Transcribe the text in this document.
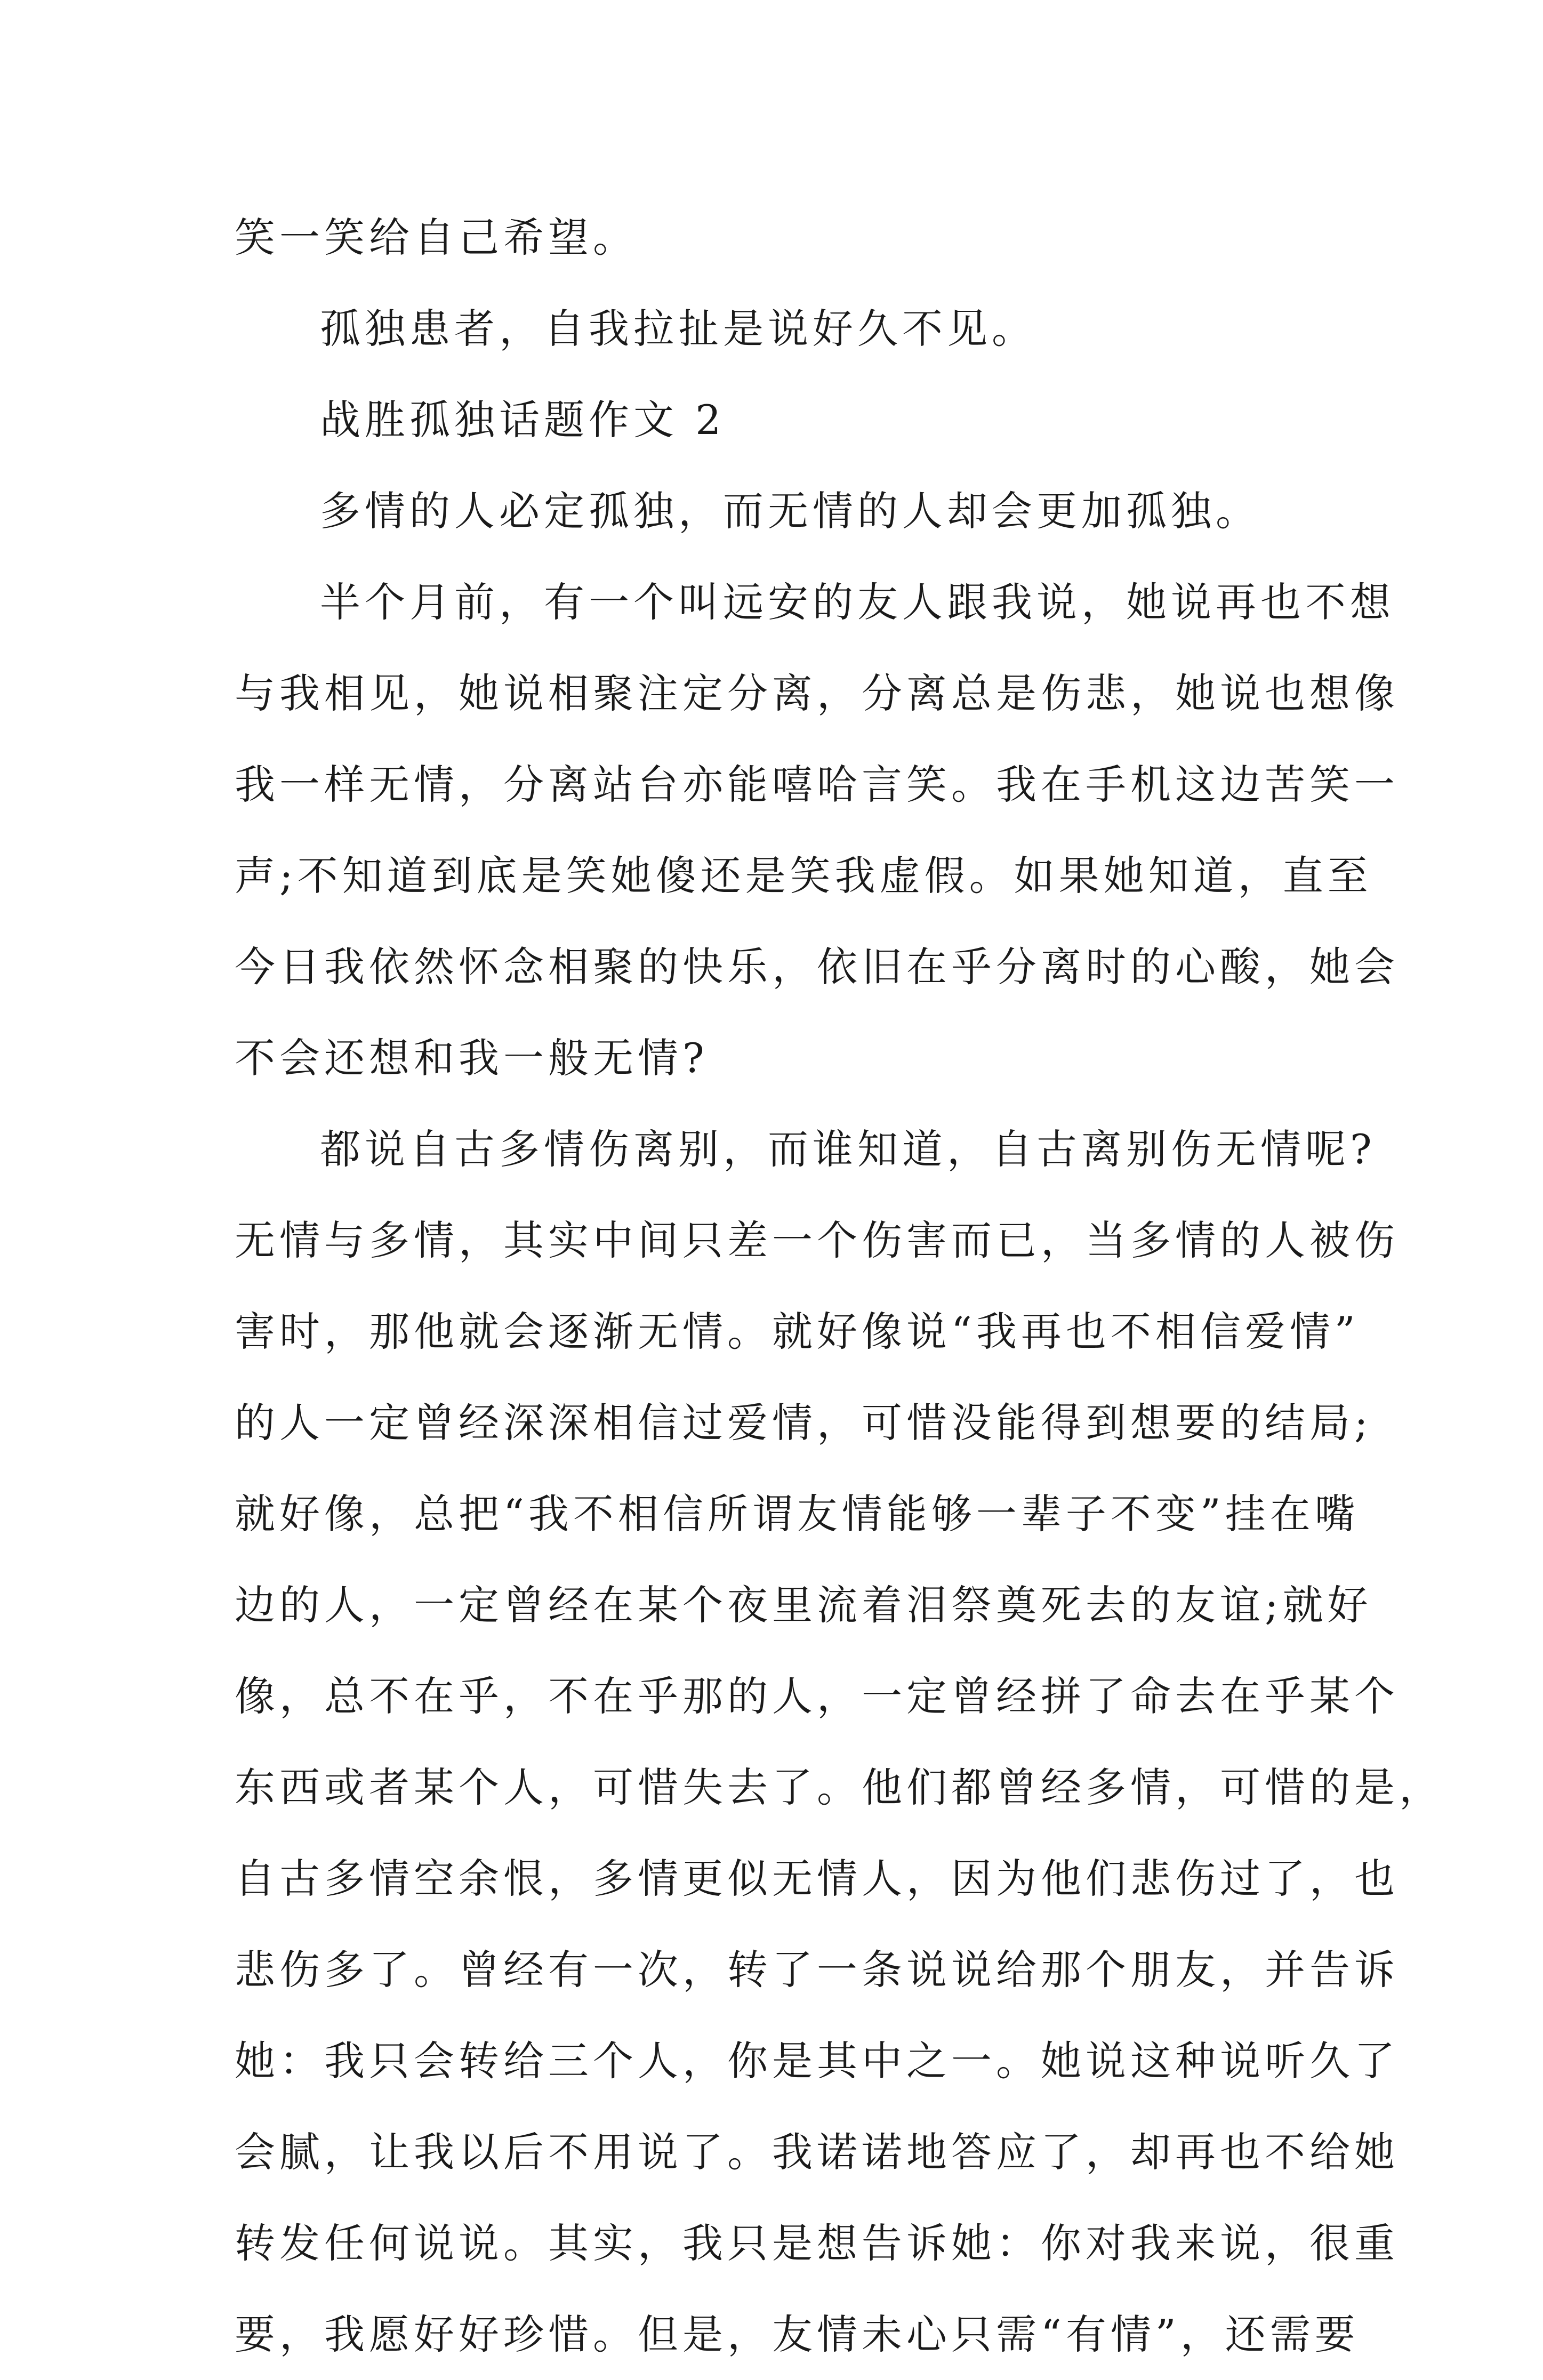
笑一笑给自己希望。
孤独患者，自我拉扯是说好久不见。
战胜孤独话题作文 2
多情的人必定孤独，而无情的人却会更加孤独。
半个月前，有一个叫远安的友人跟我说，她说再也不想
与我相见，她说相聚注定分离，分离总是伤悲，她说也想像
我一样无情，分离站台亦能嘻哈言笑。我在手机这边苦笑一
声;不知道到底是笑她傻还是笑我虚假。如果她知道，直至
今日我依然怀念相聚的快乐，依旧在乎分离时的心酸，她会
不会还想和我一般无情?
都说自古多情伤离别，而谁知道，自古离别伤无情呢?
无情与多情，其实中间只差一个伤害而已，当多情的人被伤
害时，那他就会逐渐无情。就好像说“我再也不相信爱情”
的人一定曾经深深相信过爱情，可惜没能得到想要的结局;
就好像，总把“我不相信所谓友情能够一辈子不变”挂在嘴
边的人，一定曾经在某个夜里流着泪祭奠死去的友谊;就好
像，总不在乎，不在乎那的人，一定曾经拼了命去在乎某个
东西或者某个人，可惜失去了。他们都曾经多情，可惜的是，
自古多情空余恨，多情更似无情人，因为他们悲伤过了，也
悲伤多了。曾经有一次，转了一条说说给那个朋友，并告诉
她：我只会转给三个人，你是其中之一。她说这种说听久了
会腻，让我以后不用说了。我诺诺地答应了，却再也不给她
转发任何说说。其实，我只是想告诉她：你对我来说，很重
要，我愿好好珍惜。但是，友情未心只需“有情”，还需要
